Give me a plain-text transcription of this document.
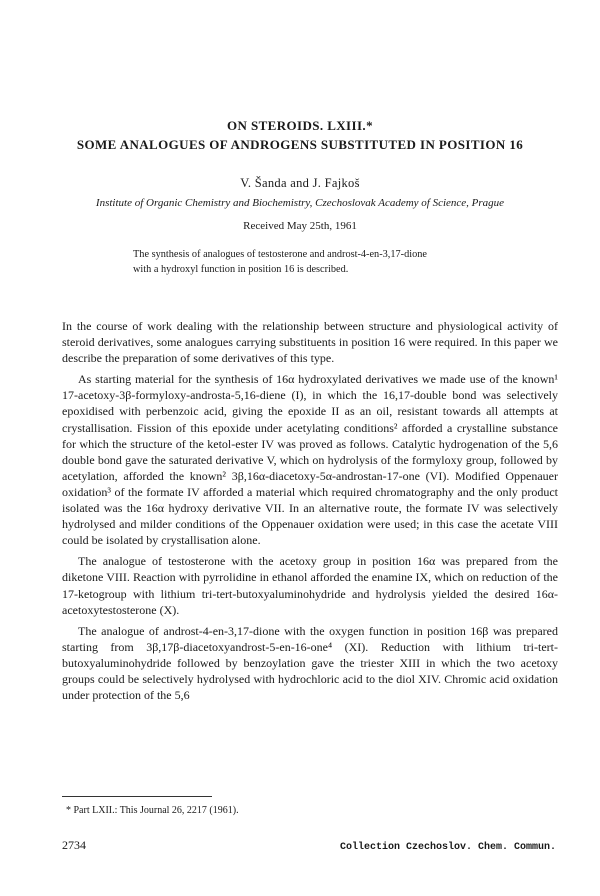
ON STEROIDS. LXIII.*
SOME ANALOGUES OF ANDROGENS SUBSTITUTED IN POSITION 16
V. Šanda and J. Fajkoš
Institute of Organic Chemistry and Biochemistry, Czechoslovak Academy of Science, Prague
Received May 25th, 1961
The synthesis of analogues of testosterone and androst-4-en-3,17-dione
with a hydroxyl function in position 16 is described.

In the course of work dealing with the relationship between structure and physiological activity of steroid derivatives, some analogues carrying substituents in position 16 were required. In this paper we describe the preparation of some derivatives of this type.

As starting material for the synthesis of 16α hydroxylated derivatives we made use of the known¹ 17-acetoxy-3β-formyloxy-androsta-5,16-diene (I), in which the 16,17-double bond was selectively epoxidised with perbenzoic acid, giving the epoxide II as an oil, resistant towards all attempts at crystallisation. Fission of this epoxide under acetylating conditions² afforded a crystalline substance for which the structure of the ketol-ester IV was proved as follows. Catalytic hydrogenation of the 5,6 double bond gave the saturated derivative V, which on hydrolysis of the formyloxy group, followed by acetylation, afforded the known² 3β,16α-diacetoxy-5α-androstan-17-one (VI). Modified Oppenauer oxidation³ of the formate IV afforded a material which required chromatography and the only product isolated was the 16α hydroxy derivative VII. In an alternative route, the formate IV was selectively hydrolysed and milder conditions of the Oppenauer oxidation were used; in this case the acetate VIII could be isolated by crystallisation alone.

The analogue of testosterone with the acetoxy group in position 16α was prepared from the diketone VIII. Reaction with pyrrolidine in ethanol afforded the enamine IX, which on reduction of the 17-ketogroup with lithium tri-tert-butoxyaluminohydride and hydrolysis yielded the desired 16α-acetoxytestosterone (X).

The analogue of androst-4-en-3,17-dione with the oxygen function in position 16β was prepared starting from 3β,17β-diacetoxyandrost-5-en-16-one⁴ (XI). Reduction with lithium tri-tert-butoxyaluminohydride followed by benzoylation gave the triester XIII in which the two acetoxy groups could be selectively hydrolysed with hydrochloric acid to the diol XIV. Chromic acid oxidation under protection of the 5,6

* Part LXII.: This Journal 26, 2217 (1961).
2734	Collection Czechoslov. Chem. Commun.
